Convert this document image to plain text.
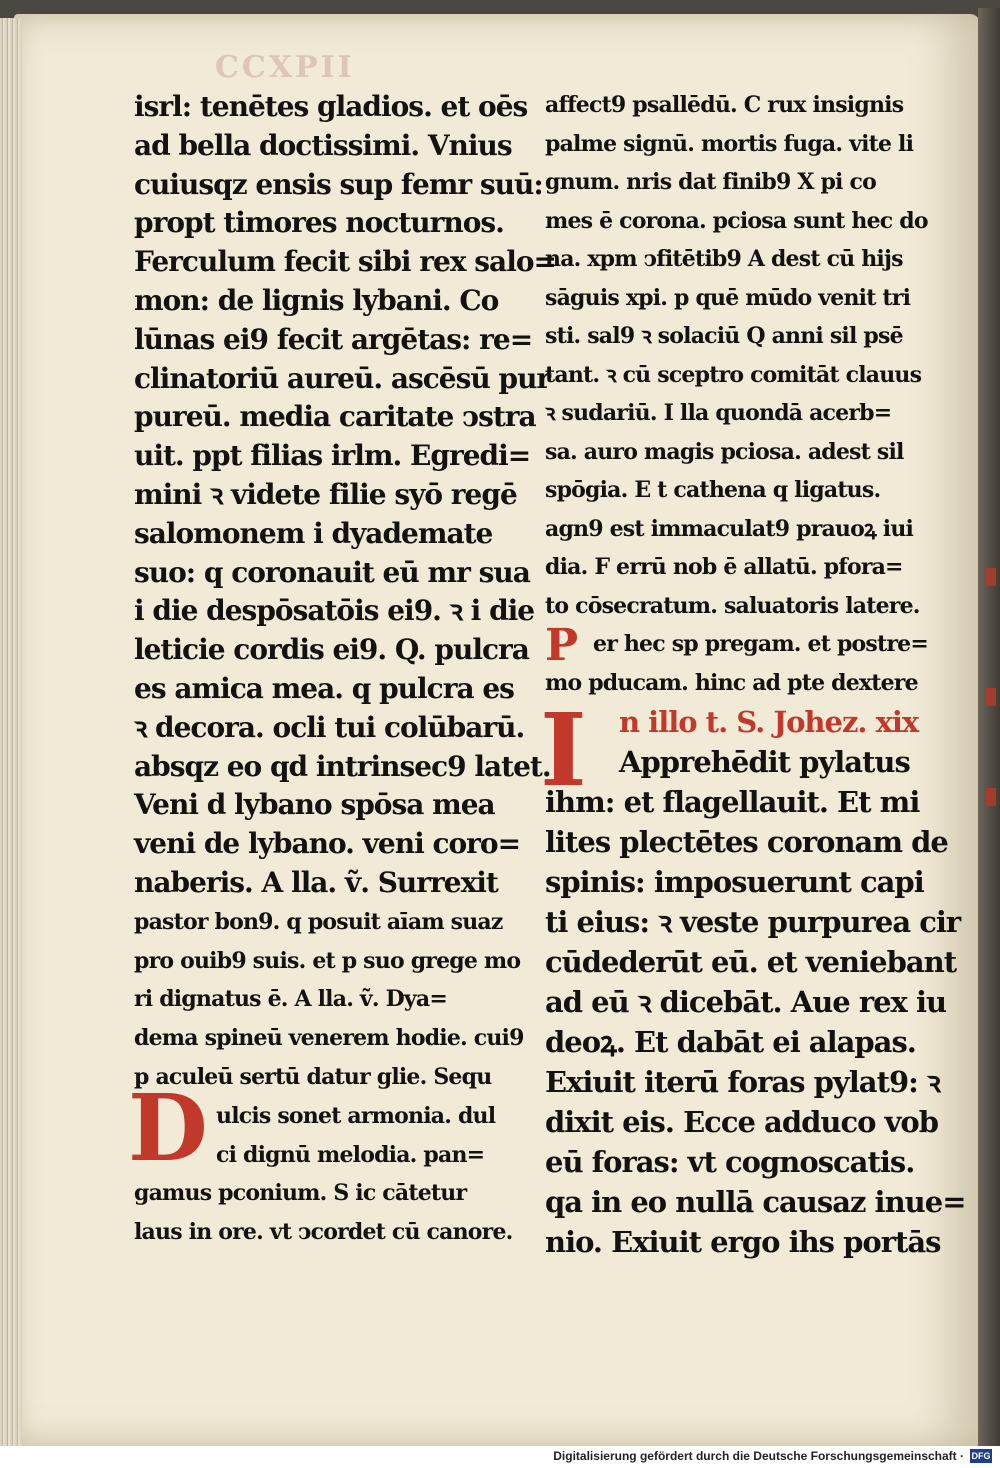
CCXPII
isrl: tenētes gladios. et oēs
ad bella doctissimi. Vnius
cuiusqz ensis sup femr suū:
propt timores nocturnos.
Ferculum fecit sibi rex salo=
mon: de lignis lybani. Co
lūnas ei9 fecit argētas: re=
clinatoriū aureū. ascēsū pur
pureū. media caritate ↄstra
uit. ppt filias irlm. Egredi=
mini ꝛ videte filie syō regē
salomonem i dyademate
suo: q coronauit eū mr sua
i die despōsatōis ei9. ꝛ i die
leticie cordis ei9. Q. pulcra
es amica mea. q pulcra es
ꝛ decora. ocli tui colūbarū.
absqz eo qd intrinsec9 latet.
Veni d lybano spōsa mea
veni de lybano. veni coro=
naberis. A lla. ṽ. Surrexit
pastor bon9. q posuit aīam suaz
pro ouib9 suis. et p suo grege mo
ri dignatus ē. A lla. ṽ. Dya=
dema spineū venerem hodie. cui9
p aculeū sertū datur glie. Sequ
ulcis sonet armonia. dul
ci dignū melodia. pan=
gamus pconium. S ic cātetur
laus in ore. vt ↄcordet cū canore.
D
affect9 psallēdū. C rux insignis
palme signū. mortis fuga. vite li
gnum. nris dat finib9 X pi co
mes ē corona. pciosa sunt hec do
na. xpm ↄfitētib9 A dest cū hijs
sāguis xpi. p quē mūdo venit tri
sti. sal9 ꝛ solaciū Q anni sil psē
tant. ꝛ cū sceptro comitāt clauus
ꝛ sudariū. I lla quondā acerb=
sa. auro magis pciosa. adest sil
spōgia. E t cathena q ligatus.
agn9 est immaculat9 prauoꝝ iui
dia. F errū nob ē allatū. pfora=
to cōsecratum. saluatoris latere.
er hec sp pregam. et postre=
mo pducam. hinc ad pte dextere
n illo t. S. Johez. xix
Apprehēdit pylatus
ihm: et flagellauit. Et mi
lites plectētes coronam de
spinis: imposuerunt capi
ti eius: ꝛ veste purpurea cir
cūdederūt eū. et veniebant
ad eū ꝛ dicebāt. Aue rex iu
deoꝝ. Et dabāt ei alapas.
Exiuit iterū foras pylat9: ꝛ
dixit eis. Ecce adduco vob
eū foras: vt cognoscatis.
qa in eo nullā causaz inue=
nio. Exiuit ergo ihs portās
P
I
Digitalisierung gefördert durch die Deutsche Forschungsgemeinschaft · DFG
